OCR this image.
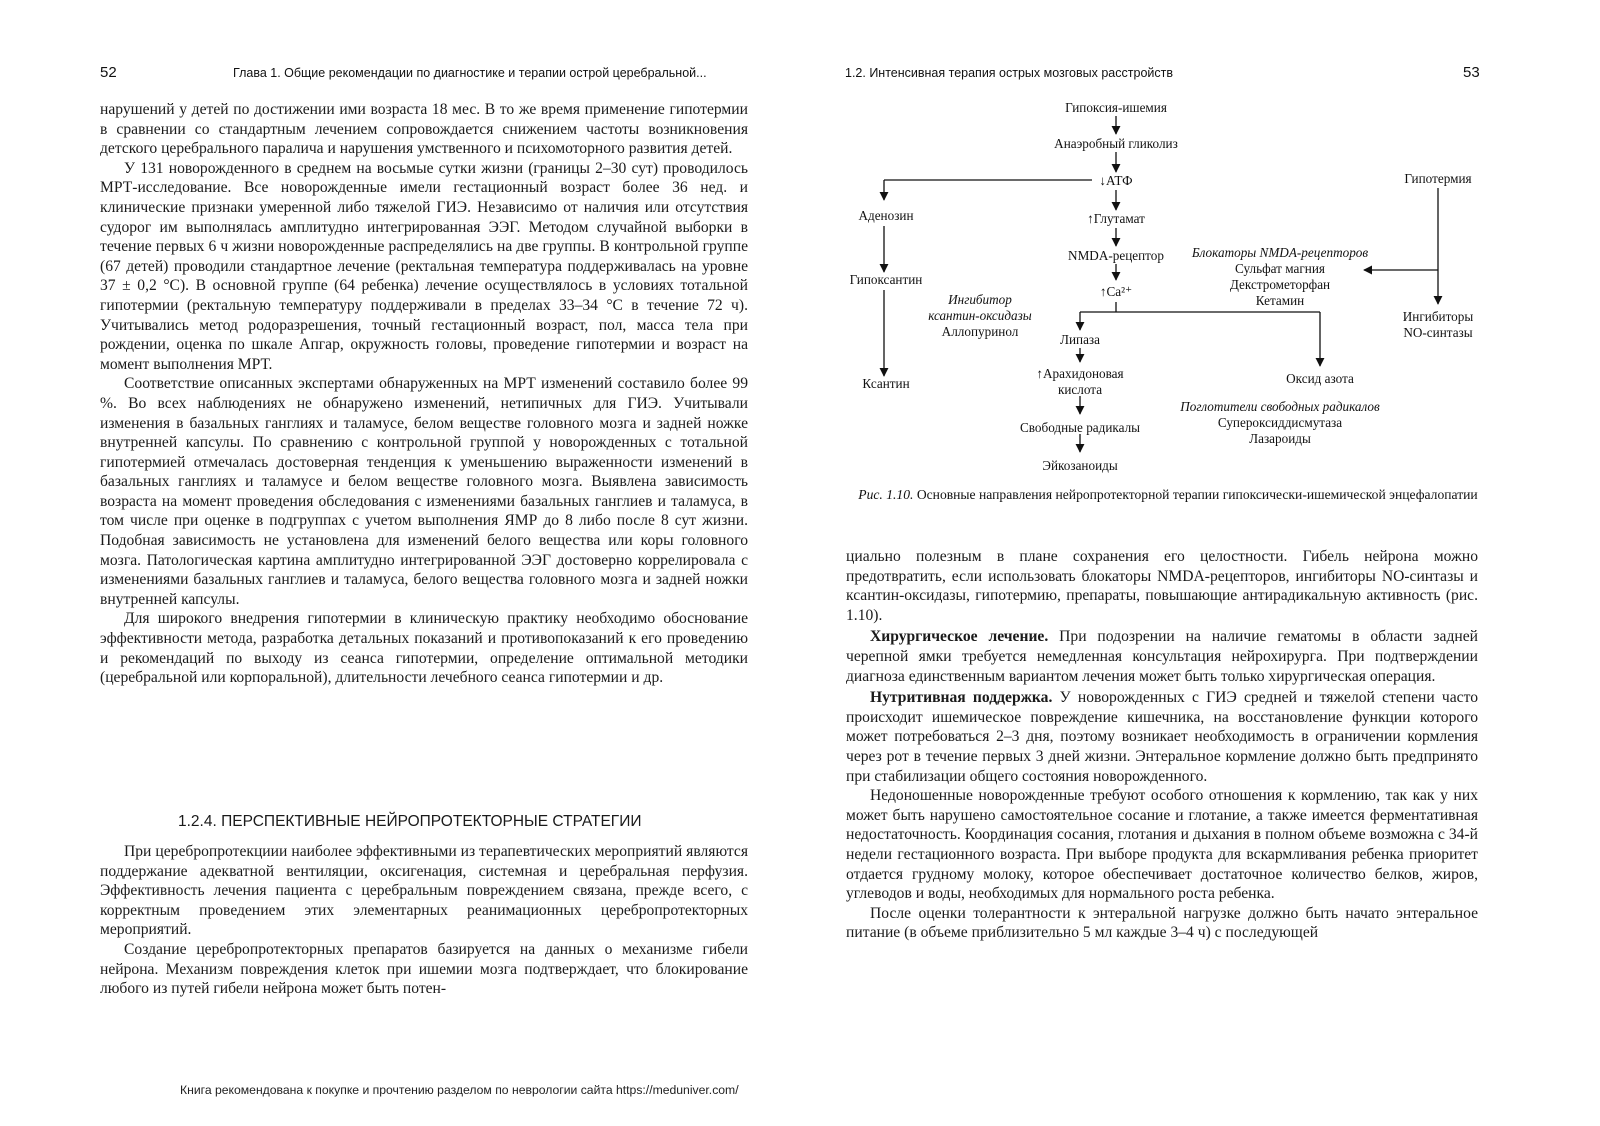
52	Глава 1. Общие рекомендации по диагностике и терапии острой церебральной...

нарушений у детей по достижении ими возраста 18 мес. В то же время применение гипотермии в сравнении со стандартным лечением сопровождается снижением частоты возникновения детского церебрального паралича и нарушения умственного и психомоторного развития детей.

У 131 новорожденного в среднем на восьмые сутки жизни (границы 2–30 сут) проводилось МРТ-исследование. Все новорожденные имели гестационный возраст более 36 нед. и клинические признаки умеренной либо тяжелой ГИЭ. Независимо от наличия или отсутствия судорог им выполнялась амплитудно интегрированная ЭЭГ. Методом случайной выборки в течение первых 6 ч жизни новорожденные распределялись на две группы. В контрольной группе (67 детей) проводили стандартное лечение (ректальная температура поддерживалась на уровне 37 ± 0,2 °С). В основной группе (64 ребенка) лечение осуществлялось в условиях тотальной гипотермии (ректальную температуру поддерживали в пределах 33–34 °С в течение 72 ч). Учитывались метод родоразрешения, точный гестационный возраст, пол, масса тела при рождении, оценка по шкале Апгар, окружность головы, проведение гипотермии и возраст на момент выполнения МРТ.

Соответствие описанных экспертами обнаруженных на МРТ изменений составило более 99 %. Во всех наблюдениях не обнаружено изменений, нетипичных для ГИЭ. Учитывали изменения в базальных ганглиях и таламусе, белом веществе головного мозга и задней ножке внутренней капсулы. По сравнению с контрольной группой у новорожденных с тотальной гипотермией отмечалась достоверная тенденция к уменьшению выраженности изменений в базальных ганглиях и таламусе и белом веществе головного мозга. Выявлена зависимость возраста на момент проведения обследования с изменениями базальных ганглиев и таламуса, в том числе при оценке в подгруппах с учетом выполнения ЯМР до 8 либо после 8 сут жизни. Подобная зависимость не установлена для изменений белого вещества или коры головного мозга. Патологическая картина амплитудно интегрированной ЭЭГ достоверно коррелировала с изменениями базальных ганглиев и таламуса, белого вещества головного мозга и задней ножки внутренней капсулы.

Для широкого внедрения гипотермии в клиническую практику необходимо обоснование эффективности метода, разработка детальных показаний и противопоказаний к его проведению и рекомендаций по выходу из сеанса гипотермии, определение оптимальной методики (церебральной или корпоральной), длительности лечебного сеанса гипотермии и др.

1.2.4. ПЕРСПЕКТИВНЫЕ НЕЙРОПРОТЕКТОРНЫЕ СТРАТЕГИИ

При церебропротекциии наиболее эффективными из терапевтических мероприятий являются поддержание адекватной вентиляции, оксигенация, системная и церебральная перфузия. Эффективность лечения пациента с церебральным повреждением связана, прежде всего, с корректным проведением этих элементарных реанимационных церебропротекторных мероприятий.

Создание церебропротекторных препаратов базируется на данных о механизме гибели нейрона. Механизм повреждения клеток при ишемии мозга подтверждает, что блокирование любого из путей гибели нейрона может быть потен-

1.2. Интенсивная терапия острых мозговых расстройств	53
Гипоксия-ишемия
Анаэробный гликолиз
↓АТФ	Гипотермия
Аденозин	↑Глутамат
NMDA-рецептор
Гипоксантин
↑Ca²⁺
Блокаторы NMDA-рецепторов
Сульфат магния
Декстрометорфан
Кетамин
Ингибитор
ксантин-оксидазы
Аллопуринол
Липаза
Ингибиторы
NO-синтазы
Ксантин
↑Арахидоновая
кислота
Оксид азота
Поглотители свободных радикалов
Супероксиддисмутаза
Лазароиды
Свободные радикалы
Эйкозаноиды
Рис. 1.10. Основные направления нейропротекторной терапии гипоксически-ишемической энцефалопатии

циально полезным в плане сохранения его целостности. Гибель нейрона можно предотвратить, если использовать блокаторы NMDA-рецепторов, ингибиторы NO-синтазы и ксантин-оксидазы, гипотермию, препараты, повышающие антирадикальную активность (рис. 1.10).

Хирургическое лечение. При подозрении на наличие гематомы в области задней черепной ямки требуется немедленная консультация нейрохирурга. При подтверждении диагноза единственным вариантом лечения может быть только хирургическая операция.

Нутритивная поддержка. У новорожденных с ГИЭ средней и тяжелой степени часто происходит ишемическое повреждение кишечника, на восстановление функции которого может потребоваться 2–3 дня, поэтому возникает необходимость в ограничении кормления через рот в течение первых 3 дней жизни. Энтеральное кормление должно быть предпринято при стабилизации общего состояния новорожденного.

Недоношенные новорожденные требуют особого отношения к кормлению, так как у них может быть нарушено самостоятельное сосание и глотание, а также имеется ферментативная недостаточность. Координация сосания, глотания и дыхания в полном объеме возможна с 34-й недели гестационного возраста. При выборе продукта для вскармливания ребенка приоритет отдается грудному молоку, которое обеспечивает достаточное количество белков, жиров, углеводов и воды, необходимых для нормального роста ребенка.

После оценки толерантности к энтеральной нагрузке должно быть начато энтеральное питание (в объеме приблизительно 5 мл каждые 3–4 ч) с последующей

Книга рекомендована к покупке и прочтению разделом по неврологии сайта https://meduniver.com/
